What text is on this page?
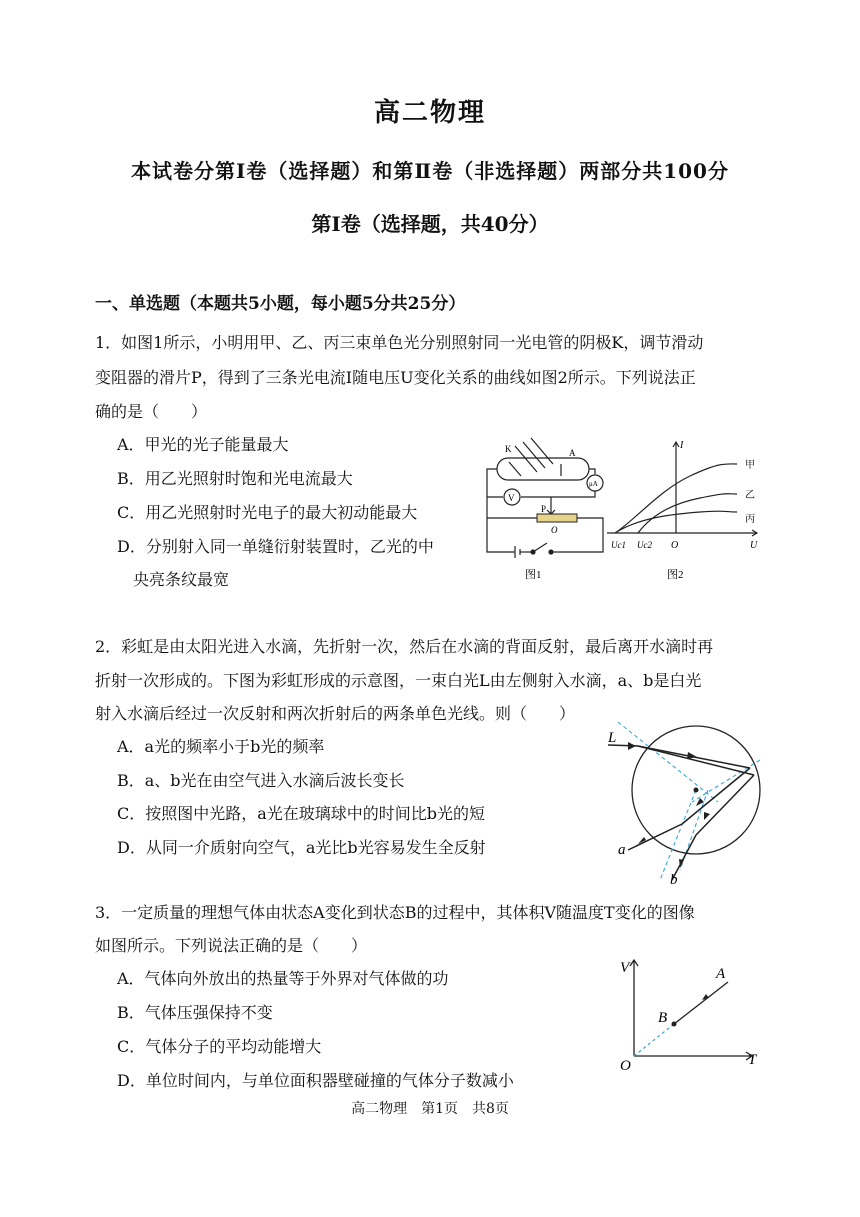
高二物理
本试卷分第Ⅰ卷（选择题）和第Ⅱ卷（非选择题）两部分共100分
第Ⅰ卷（选择题，共40分）
一、单选题（本题共5小题，每小题5分共25分）
1．如图1所示，小明用甲、乙、丙三束单色光分别照射同一光电管的阴极K，调节滑动
变阻器的滑片P，得到了三条光电流I随电压U变化关系的曲线如图2所示。下列说法正
确的是（　　）
A．甲光的光子能量最大
B．用乙光照射时饱和光电流最大
C．用乙光照射时光电子的最大初动能最大
D．分别射入同一单缝衍射装置时，乙光的中
央亮条纹最宽
K	A
μA
V
P
O
图1
I
甲
乙
丙
Uc1 Uc2 O	U
图2
2．彩虹是由太阳光进入水滴，先折射一次，然后在水滴的背面反射，最后离开水滴时再
折射一次形成的。下图为彩虹形成的示意图，一束白光L由左侧射入水滴，a、b是白光
射入水滴后经过一次反射和两次折射后的两条单色光线。则（　　）
A．a光的频率小于b光的频率
B．a、b光在由空气进入水滴后波长变长
C．按照图中光路，a光在玻璃球中的时间比b光的短
D．从同一介质射向空气，a光比b光容易发生全反射
L
a
b
3．一定质量的理想气体由状态A变化到状态B的过程中，其体积V随温度T变化的图像
如图所示。下列说法正确的是（　　）
A．气体向外放出的热量等于外界对气体做的功
B．气体压强保持不变
C．气体分子的平均动能增大
D．单位时间内，与单位面积器壁碰撞的气体分子数减小
V
T
A
B
O
高二物理　第1页　共8页
